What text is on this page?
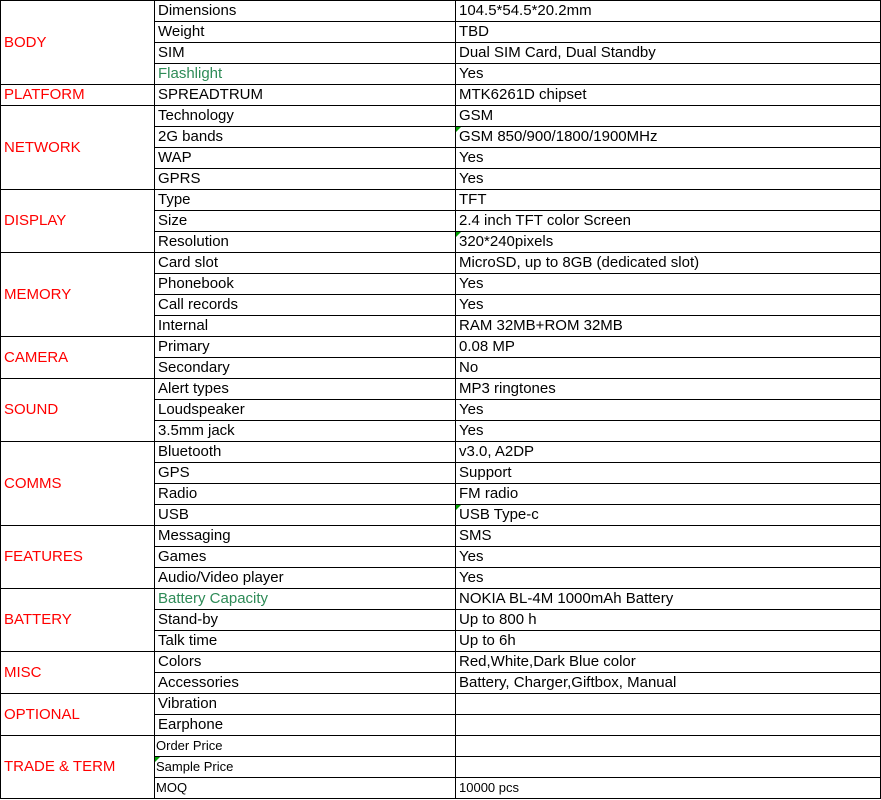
BODY	Dimensions	104.5*54.5*20.2mm
	Weight	TBD
	SIM	Dual SIM Card, Dual Standby
	Flashlight	Yes
PLATFORM	SPREADTRUM	MTK6261D chipset
NETWORK	Technology	GSM
	2G bands	GSM 850/900/1800/1900MHz
	WAP	Yes
	GPRS	Yes
DISPLAY	Type	TFT
	Size	2.4 inch TFT color Screen
	Resolution	320*240pixels
MEMORY	Card slot	MicroSD, up to 8GB (dedicated slot)
	Phonebook	Yes
	Call records	Yes
	Internal	RAM 32MB+ROM 32MB
CAMERA	Primary	0.08 MP
	Secondary	No
SOUND	Alert types	MP3 ringtones
	Loudspeaker	Yes
	3.5mm jack	Yes
COMMS	Bluetooth	v3.0, A2DP
	GPS	Support
	Radio	FM radio
	USB	USB Type-c
FEATURES	Messaging	SMS
	Games	Yes
	Audio/Video player	Yes
BATTERY	Battery Capacity	NOKIA BL-4M 1000mAh Battery
	Stand-by	Up to 800 h
	Talk time	Up to 6h
MISC	Colors	Red,White,Dark Blue color
	Accessories	Battery, Charger,Giftbox, Manual
OPTIONAL	Vibration	
	Earphone	
TRADE & TERM	Order Price	
	Sample Price	
	MOQ	10000 pcs
